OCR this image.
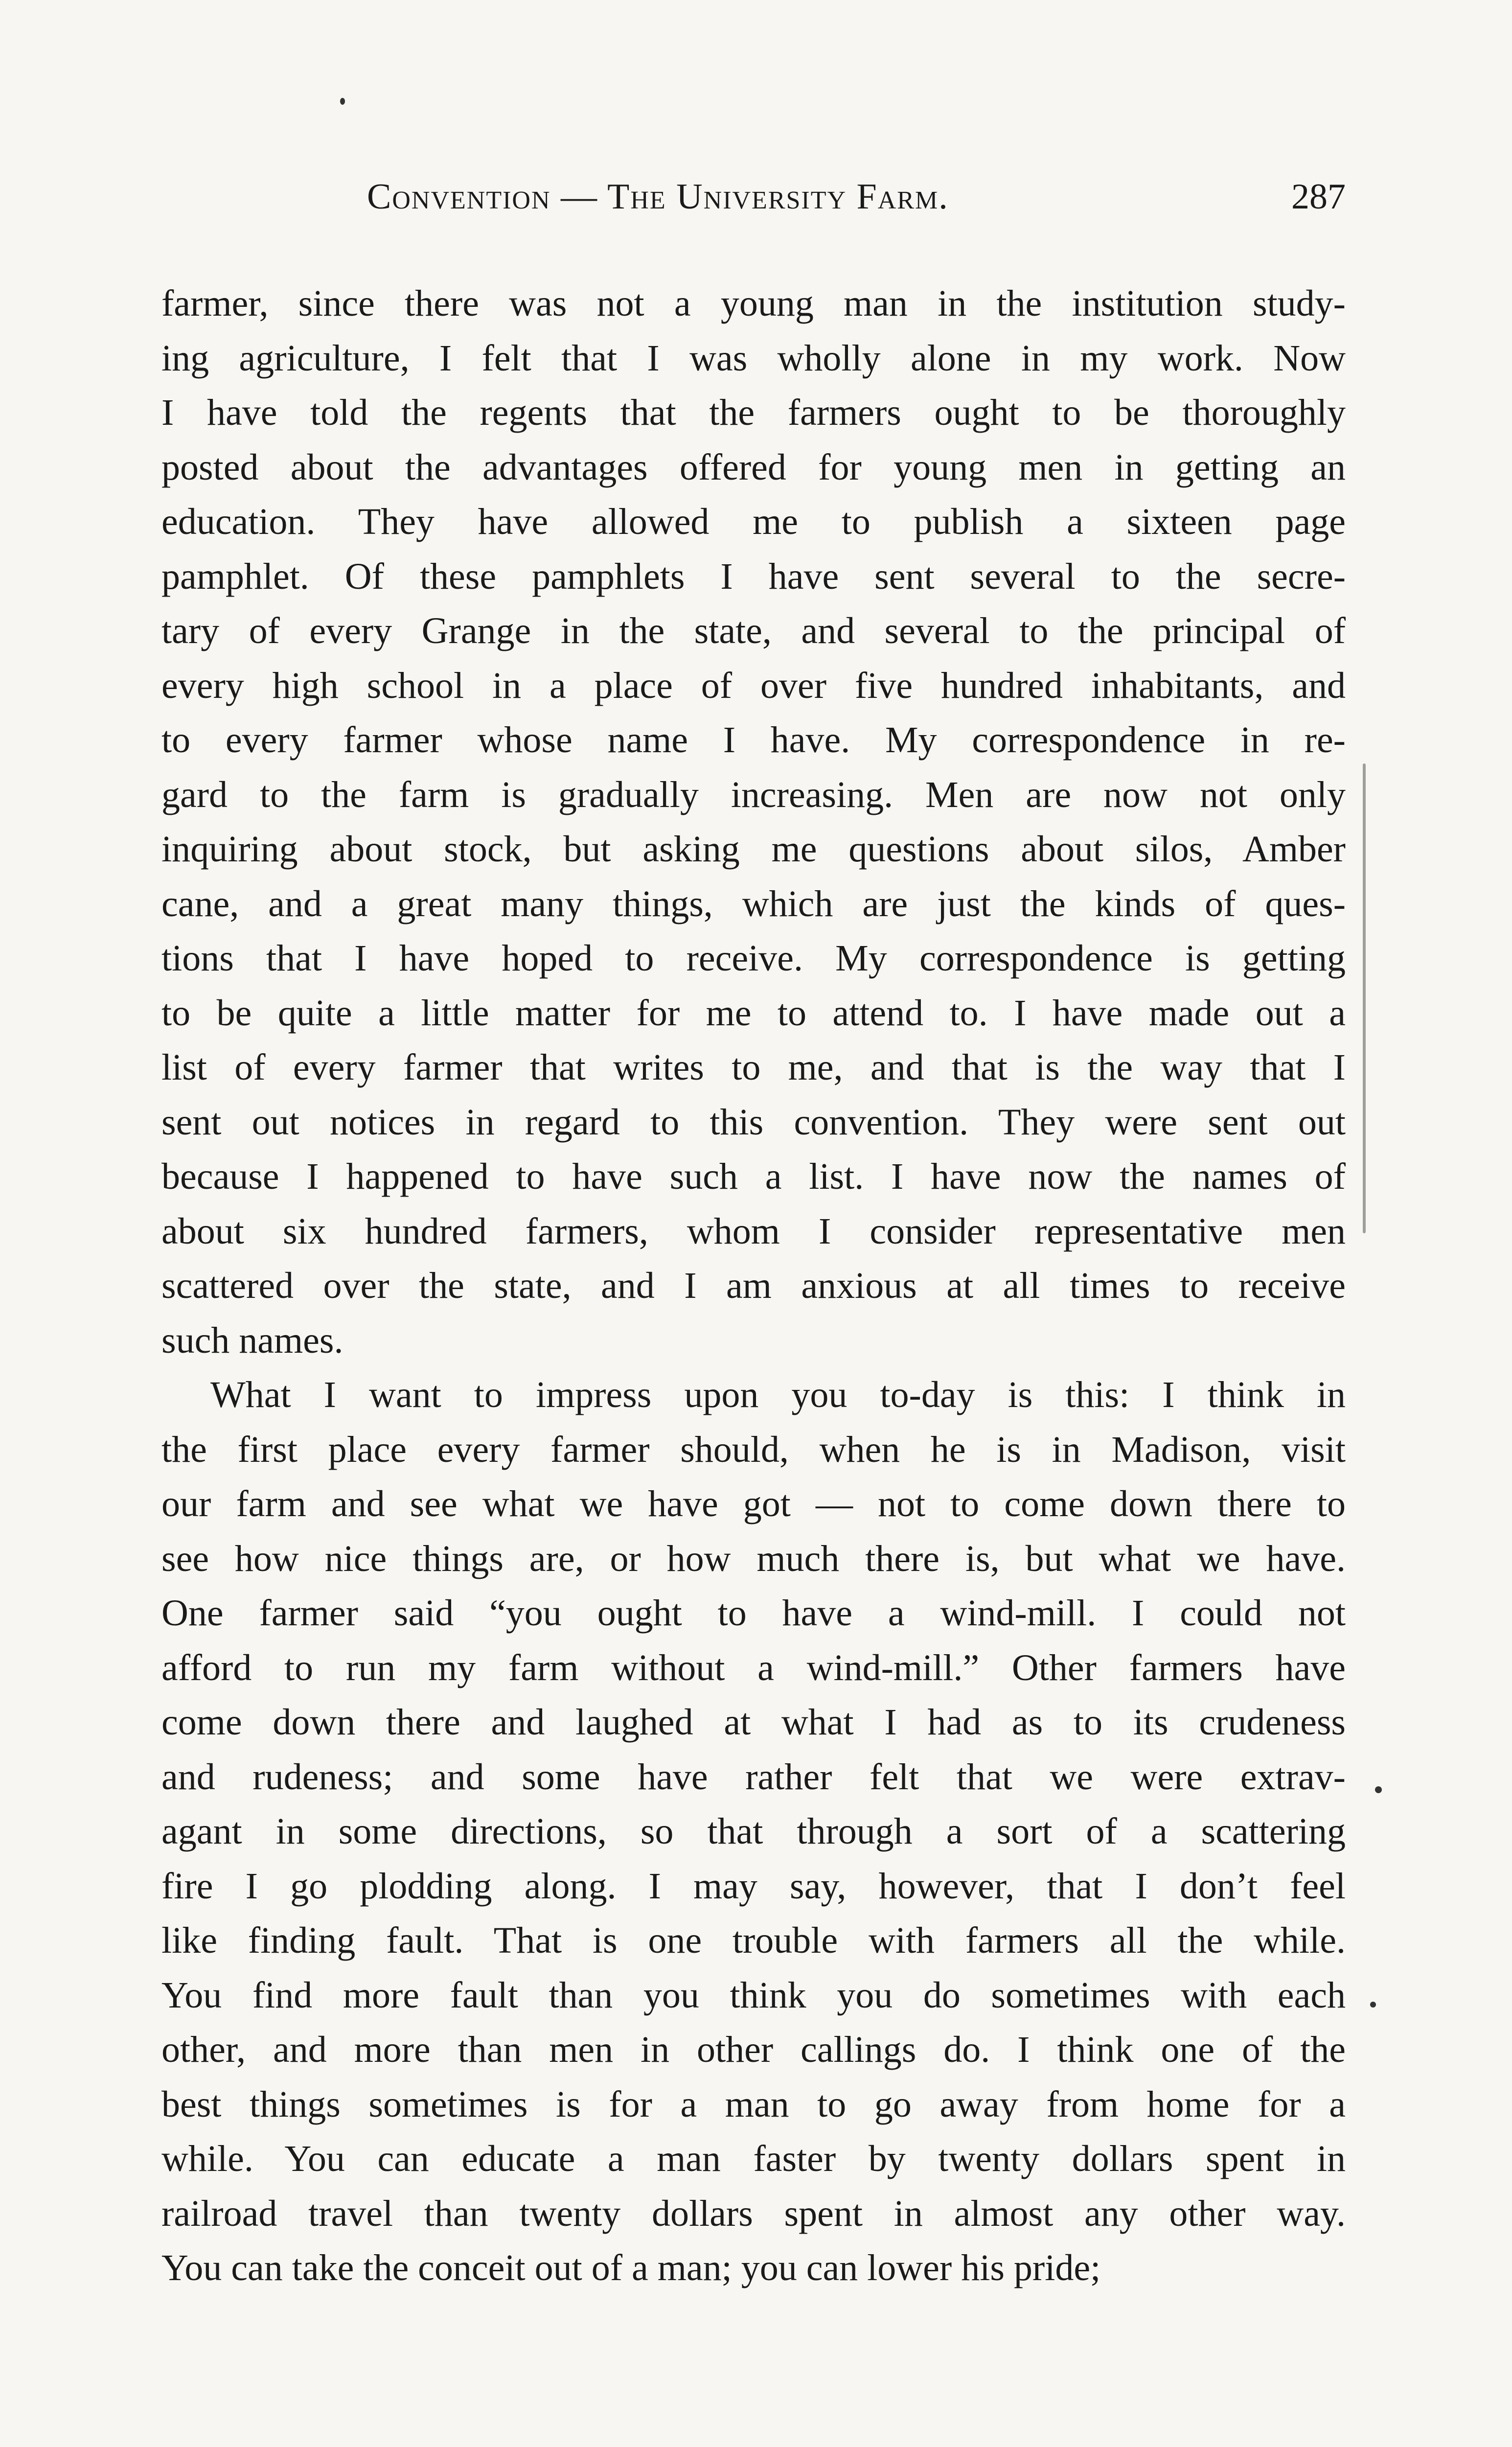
Convention — The University Farm.	287
farmer, since there was not a young man in the institution study-
ing agriculture, I felt that I was wholly alone in my work. Now
I have told the regents that the farmers ought to be thoroughly
posted about the advantages offered for young men in getting an
education. They have allowed me to publish a sixteen page
pamphlet. Of these pamphlets I have sent several to the secre-
tary of every Grange in the state, and several to the principal of
every high school in a place of over five hundred inhabitants, and
to every farmer whose name I have. My correspondence in re-
gard to the farm is gradually increasing. Men are now not only
inquiring about stock, but asking me questions about silos, Amber
cane, and a great many things, which are just the kinds of ques-
tions that I have hoped to receive. My correspondence is getting
to be quite a little matter for me to attend to. I have made out a
list of every farmer that writes to me, and that is the way that I
sent out notices in regard to this convention. They were sent out
because I happened to have such a list. I have now the names of
about six hundred farmers, whom I consider representative men
scattered over the state, and I am anxious at all times to receive
such names.
What I want to impress upon you to-day is this: I think in
the first place every farmer should, when he is in Madison, visit
our farm and see what we have got — not to come down there to
see how nice things are, or how much there is, but what we have.
One farmer said “you ought to have a wind-mill. I could not
afford to run my farm without a wind-mill.” Other farmers have
come down there and laughed at what I had as to its crudeness
and rudeness; and some have rather felt that we were extrav-
agant in some directions, so that through a sort of a scattering
fire I go plodding along. I may say, however, that I don’t feel
like finding fault. That is one trouble with farmers all the while.
You find more fault than you think you do sometimes with each
other, and more than men in other callings do. I think one of the
best things sometimes is for a man to go away from home for a
while. You can educate a man faster by twenty dollars spent in
railroad travel than twenty dollars spent in almost any other way.
You can take the conceit out of a man; you can lower his pride;
